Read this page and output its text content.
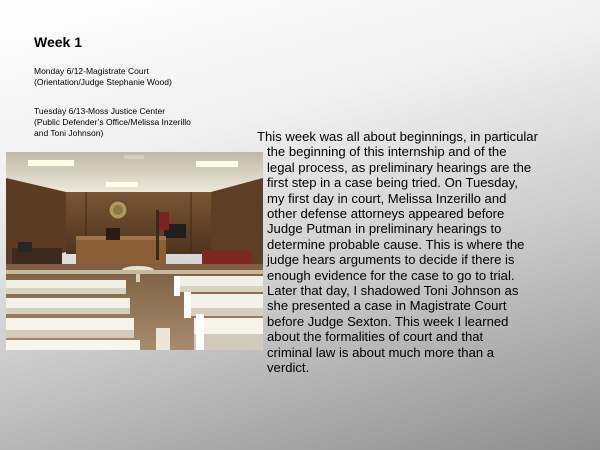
Week 1
Monday 6/12-Magistrate Court
(Orientation/Judge Stephanie Wood)
Tuesday 6/13-Moss Justice Center
(Public Defender’s Office/Melissa Inzerillo
and Toni Johnson)	This week was all about beginnings, in particular
the beginning of this internship and of the
legal process, as preliminary hearings are the
first step in a case being tried. On Tuesday,
my first day in court, Melissa Inzerillo and
other defense attorneys appeared before
Judge Putman in preliminary hearings to
determine probable cause. This is where the
judge hears arguments to decide if there is
enough evidence for the case to go to trial.
Later that day, I shadowed Toni Johnson as
she presented a case in Magistrate Court
before Judge Sexton. This week I learned
about the formalities of court and that
criminal law is about much more than a
verdict.
